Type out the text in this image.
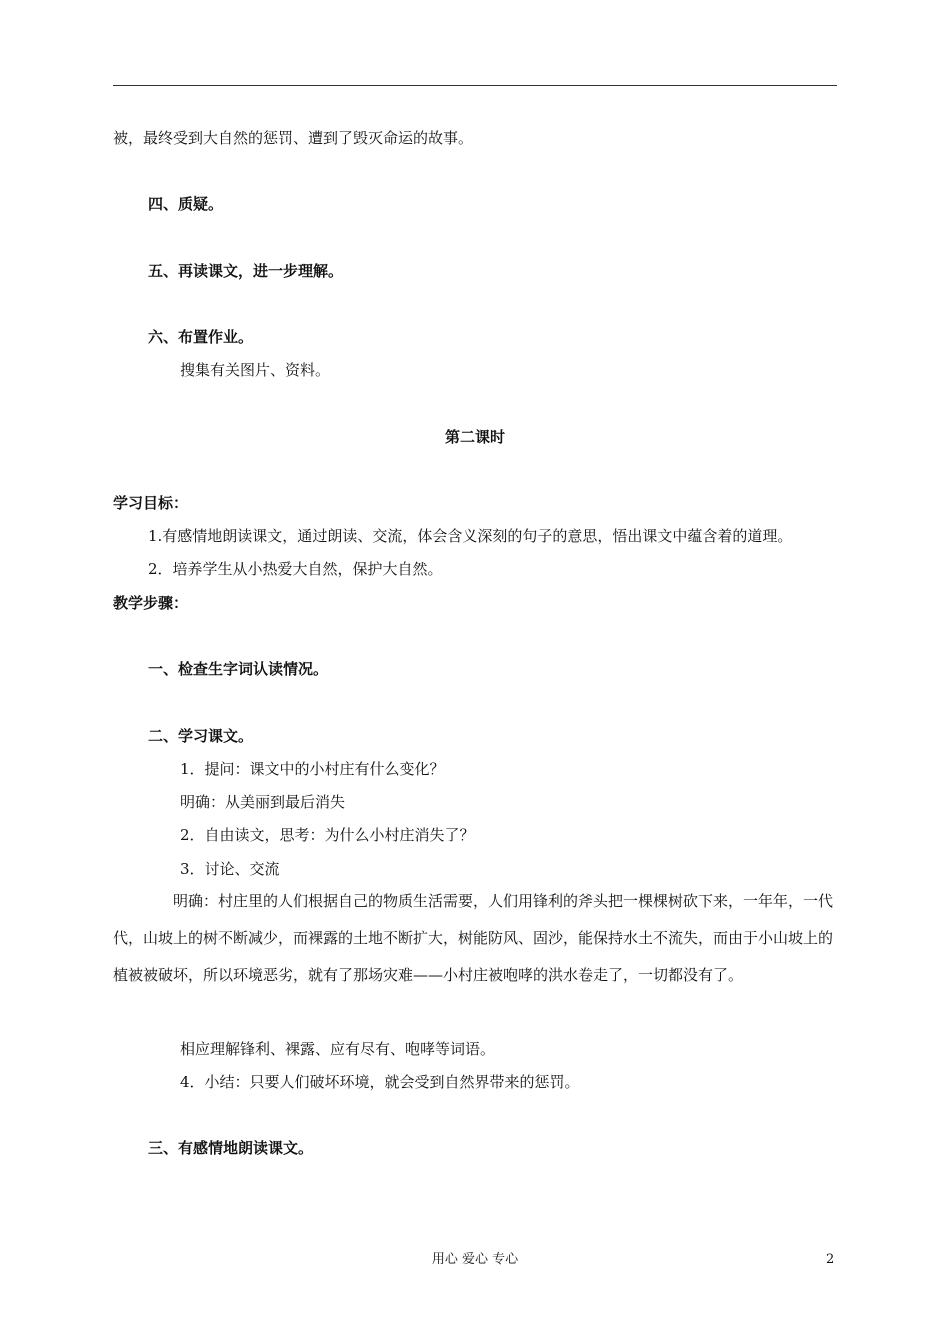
被，最终受到大自然的惩罚、遭到了毁灭命运的故事。
四、质疑。
五、再读课文，进一步理解。
六、布置作业。
搜集有关图片、资料。
第二课时
学习目标：
1.有感情地朗读课文，通过朗读、交流，体会含义深刻的句子的意思，悟出课文中蕴含着的道理。
2．培养学生从小热爱大自然，保护大自然。
教学步骤：
一、检查生字词认读情况。
二、学习课文。
1．提问：课文中的小村庄有什么变化？
明确：从美丽到最后消失
2．自由读文，思考：为什么小村庄消失了？
3．讨论、交流
明确：村庄里的人们根据自己的物质生活需要，人们用锋利的斧头把一棵棵树砍下来，一年年，一代代，山坡上的树不断减少，而裸露的土地不断扩大，树能防风、固沙，能保持水土不流失，而由于小山坡上的植被被破坏，所以环境恶劣，就有了那场灾难——小村庄被咆哮的洪水卷走了，一切都没有了。
相应理解锋利、裸露、应有尽有、咆哮等词语。
4．小结：只要人们破坏环境，就会受到自然界带来的惩罚。
三、有感情地朗读课文。
用心 爱心 专心	2
